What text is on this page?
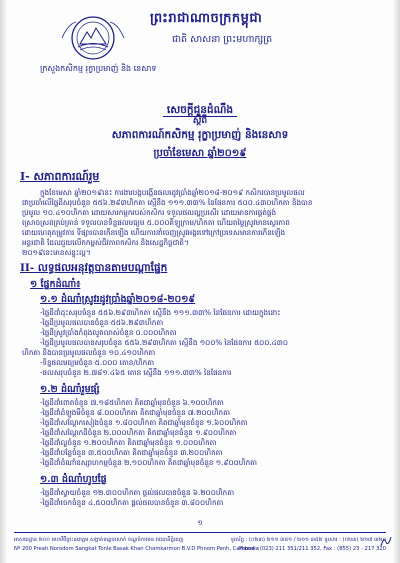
ព្រះរាជាណាចក្រកម្ពុជា
ជាតិ សាសនា ព្រះមហាក្សត្រ
ក្រសួងកសិកម្ម រុក្ខាប្រមាញ់ និង នេសាទ
សេចក្តីជូនដំណឹង
ស្តីពី
សភាពការណ៍កសិកម្ម រុក្ខាប្រមាញ់ និងនេសាទ
ប្រចាំខែមេសា ឆ្នាំ២០១៩
I- សភាពការណ៍រួម
ក្នុងខែមេសា ឆ្នាំ២០១៩នេះ ការងារបង្កបង្កើនផលរដូវប្រាំងឆ្នាំ២០១៨-២០១៩ កសិករបានប្រមូលផល
ជាប្រចាំលើផ្ទៃដីសរុបចំនួន ៥៥៦.២៩៣ហិកតា ស្មើនឹង ១១១.៣៣% នៃផែនការ ៥០០.៤៣០ហិកតា និងបាន
ប្រមូល ១០.៤១០ហិកតា ដោយសារកម្មករបស់កសិករ ទទួលផលល្អប្រសើរ ដោយមានការផ្គត់ផ្គង់
ស្រោចស្រពគ្រប់គ្រាន់ ទទួលបានទិន្នផលមធ្យម ៥.០០០គីឡូក្រាម/ហិកតា ហើយតម្លៃស្រូវមានស្ថេរភាព
ដោយហេតុតម្រូវការ ទីផ្សារបានកើនឡើង ហើយការនាំចេញស្រូវអង្ករទៅក្រៅប្រទេសមានការកើនឡើង
អន្តរជាតិ ដែលជួយលើកកម្ពស់ជីវភាពកសិករ និងសេដ្ឋកិច្ចជាតិ។
២០១៩នេះមានសន្ទុះល្អ។
II- លទ្ធផលអនុវត្តបានតាមបណ្តាផ្នែក
១ ផ្នែកដំណាំ៖
១.១ ដំណាំស្រូវរដូវប្រាំងឆ្នាំ២០១៨-២០១៩
-ផ្ទៃដីដាំដុះសរុបចំនួន ៥៥៦.២៩៣ហិកតា ស្មើនឹង ១១១.៣៣% នៃផែនការ ដោយក្នុងនោះ
-ផ្ទៃដីប្រមូលផលបានចំនួន ៥៥៦.២៩៣ហិកតា
-ផ្ទៃដីស្រូវប្រាំងកំពុងលូតលាស់ចំនួន ០.០០០ហិកតា
-ផ្ទៃដីប្រមូលផលបានសរុបចំនួន ៥៥៦.២៩៣ហិកតា ស្មើនឹង ១០០% នៃផែនការ ៥០០.៤៣០
ហិកតា និងបានប្រមូលផលចំនួន ១០.៤១០ហិកតា
-ទិន្នផលមធ្យមចំនួន ៥.០០០ តោន/ហិកតា
-ផលសរុបចំនួន ២.៧៨១.៤៦៥ តោន ស្មើនឹង ១១១.៣៣% នៃផែនការ
១.២ ដំណាំរួមផ្សំ
-ផ្ទៃដីដាំពោតចំនួន ៧.១៨៥ហិកតា គិតជាឆ្នាំមុនចំនួន ៦.១០០ហិកតា
-ផ្ទៃដីដាំដំឡូងមីចំនួន ៨.០០០ហិកតា គិតជាឆ្នាំមុនចំនួន ៧.២០០ហិកតា
-ផ្ទៃដីដាំសណ្តែកសៀងចំនួន ១.៨០០ហិកតា គិតជាឆ្នាំមុនចំនួន ១.៦០០ហិកតា
-ផ្ទៃដីដាំសណ្តែកដីចំនួន ២.០០០ហិកតា គិតជាឆ្នាំមុនចំនួន ១.៩០០ហិកតា
-ផ្ទៃដីដាំល្ងចំនួន ១.២០០ហិកតា គិតជាឆ្នាំមុនចំនួន ១.០០០ហិកតា
-ផ្ទៃដីដាំបន្លែចំនួន ៣.៥០០ហិកតា គិតជាឆ្នាំមុនចំនួន ៣.២០០ហិកតា
-ផ្ទៃដីដាំដំណាំឧស្សាហកម្មចំនួន ២.១០០ហិកតា គិតជាឆ្នាំមុនចំនួន ១.៩០០ហិកតា
១.៣ ដំណាំហូបផ្លែ
-ផ្ទៃដីដាំស្វាយចំនួន ១២.៣០០ហិកតា ផ្តល់ផលបានចំនួន ៦.២០០ហិកតា
-ផ្ទៃដីដាំចេកចំនួន ៤.៥០០ហិកតា ផ្តល់ផលបានចំនួន ៣.៨០០ហិកតា
១
អាសយដ្ឋាន ២០០ មហាវិថីព្រះនរោត្តម សង្កាត់ទន្លេបាសាក់ ខណ្ឌចំការមន រាជធានីភ្នំពេញ	ទូរស័ព្ទ : (០២៣) ២១១ ៣៥១ / ២១១ ៣៥២ ទូរសារ : (០២៣) ២១៧ ៣២០
Nº 200 Preah Norodom Sangkat Tonle Basak Khan Chamkarmon B.V.D Phnom Penh, Cambodia
Phone : (023) 211 351/211 352, Fax : (855) 23 - 217 320
